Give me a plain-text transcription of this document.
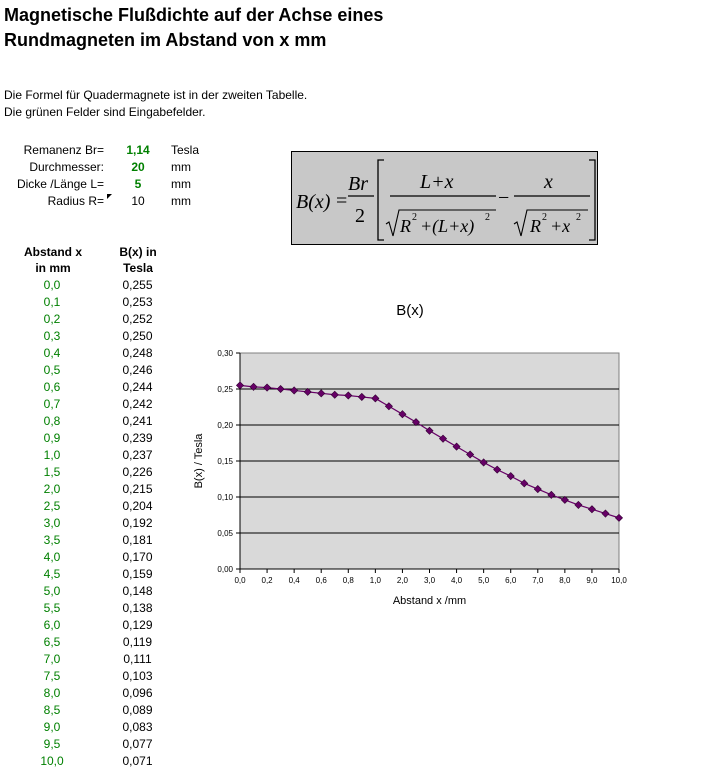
Magnetische Flußdichte auf der Achse eines
Rundmagneten im Abstand von x mm
Die Formel für Quadermagnete ist in der zweiten Tabelle.
Die grünen Felder sind Eingabefelder.
Remanenz Br=	1,14	Tesla
Durchmesser:	20	mm
Dicke /Länge L=	5	mm
Radius R=	10	mm	B(x) =
Br
2
L+x
R 2 +(L+x) 2
−
x
R 2 +x 2
Abstand x
in mm
B(x) in
Tesla
0,0	0,255
0,1	0,253
0,2	0,252
0,3	0,250
0,4	0,248
0,5	0,246
0,6	0,244
0,7	0,242
0,8	0,241
0,9	0,239
1,0	0,237
1,5	0,226
2,0	0,215
2,5	0,204
3,0	0,192
3,5	0,181
4,0	0,170
4,5	0,159
5,0	0,148
5,5	0,138
6,0	0,129
6,5	0,119
7,0	0,111
7,5	0,103
8,0	0,096
8,5	0,089
9,0	0,083
9,5	0,077
10,0	0,071
B(x)
0,00
0,05
0,10
0,15
0,20
0,25
0,30
0,0 0,2 0,4 0,6 0,8 1,0 2,0 3,0 4,0 5,0 6,0 7,0 8,0 9,0 10,0
Abstand x /mm
B(x) / Tesla
